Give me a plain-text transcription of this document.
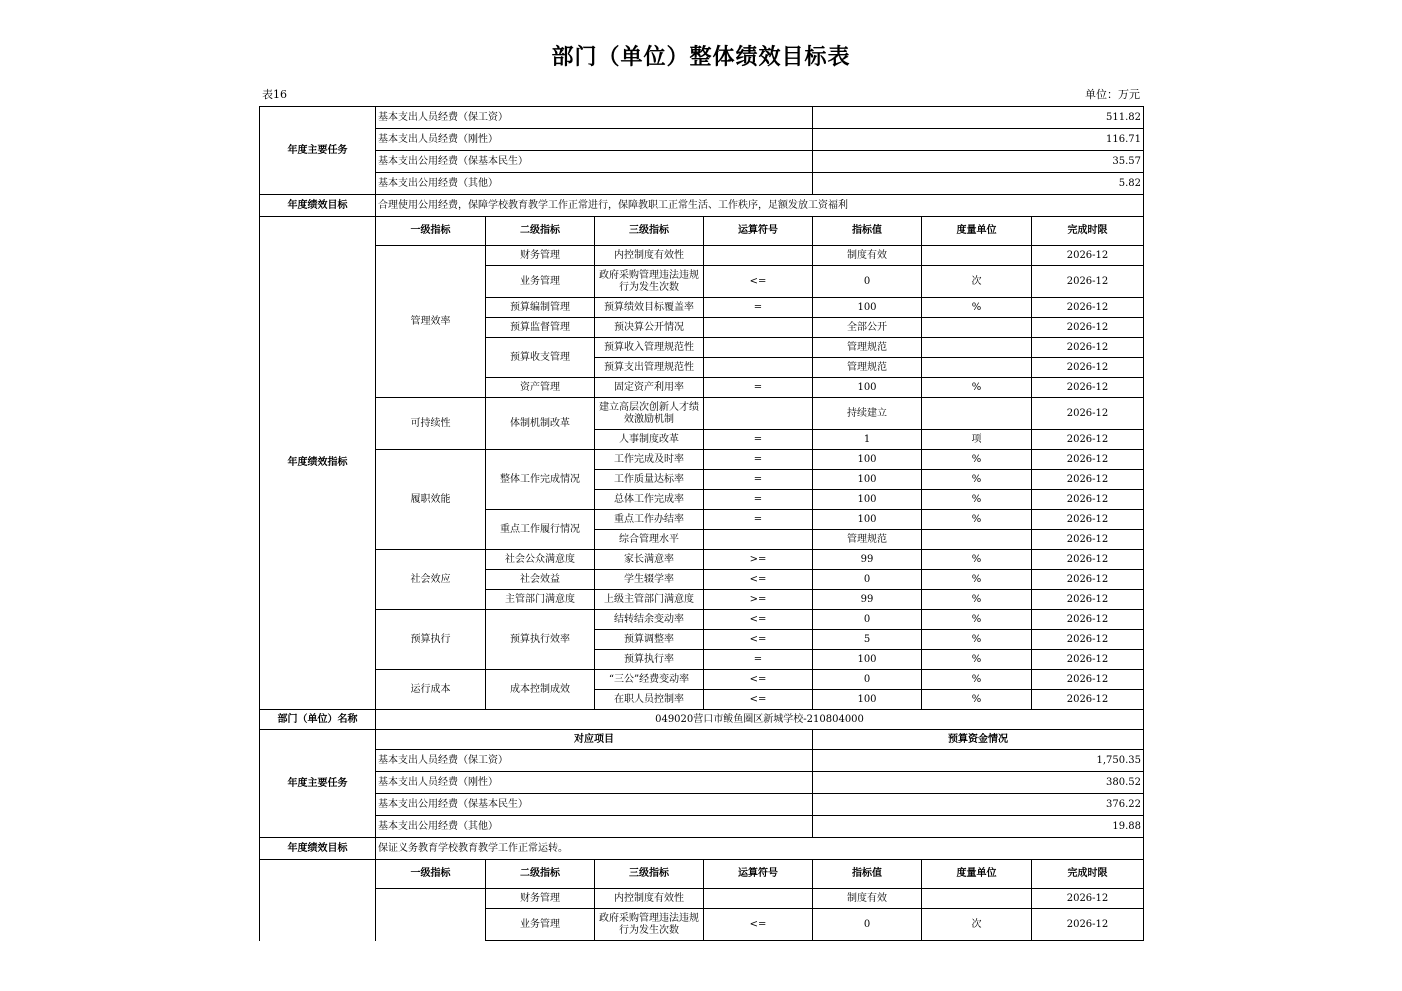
部门（单位）整体绩效目标表
表16	单位：万元
年度主要任务	基本支出人员经费（保工资）				511.82		
	基本支出人员经费（刚性）				116.71		
	基本支出公用经费（保基本民生）				35.57		
	基本支出公用经费（其他）				5.82		
年度绩效目标	合理使用公用经费，保障学校教育教学工作正常进行，保障教职工正常生活、工作秩序，足额发放工资福利						
年度绩效指标	一级指标	二级指标	三级指标	运算符号	指标值	度量单位	完成时限
	管理效率	财务管理	内控制度有效性		制度有效		2026-12
		业务管理	政府采购管理违法违规行为发生次数	<=	0	次	2026-12
		预算编制管理	预算绩效目标覆盖率	=	100	%	2026-12
		预算监督管理	预决算公开情况		全部公开		2026-12
		预算收支管理	预算收入管理规范性		管理规范		2026-12
			预算支出管理规范性		管理规范		2026-12
		资产管理	固定资产利用率	=	100	%	2026-12
	可持续性	体制机制改革	建立高层次创新人才绩效激励机制		持续建立		2026-12
			人事制度改革	=	1	项	2026-12
	履职效能	整体工作完成情况	工作完成及时率	=	100	%	2026-12
			工作质量达标率	=	100	%	2026-12
			总体工作完成率	=	100	%	2026-12
		重点工作履行情况	重点工作办结率	=	100	%	2026-12
			综合管理水平		管理规范		2026-12
	社会效应	社会公众满意度	家长满意率	>=	99	%	2026-12
		社会效益	学生辍学率	<=	0	%	2026-12
		主管部门满意度	上级主管部门满意度	>=	99	%	2026-12
	预算执行	预算执行效率	结转结余变动率	<=	0	%	2026-12
			预算调整率	<=	5	%	2026-12
			预算执行率	=	100	%	2026-12
	运行成本	成本控制成效	“三公”经费变动率	<=	0	%	2026-12
			在职人员控制率	<=	100	%	2026-12
部门（单位）名称	049020营口市鲅鱼圈区新城学校-210804000						
年度主要任务	对应项目				预算资金情况		
	基本支出人员经费（保工资）				1,750.35		
	基本支出人员经费（刚性）				380.52		
	基本支出公用经费（保基本民生）				376.22		
	基本支出公用经费（其他）				19.88		
年度绩效目标	保证义务教育学校教育教学工作正常运转。						
	一级指标	二级指标	三级指标	运算符号	指标值	度量单位	完成时限
		财务管理	内控制度有效性		制度有效		2026-12
		业务管理	政府采购管理违法违规行为发生次数	<=	0	次	2026-12
